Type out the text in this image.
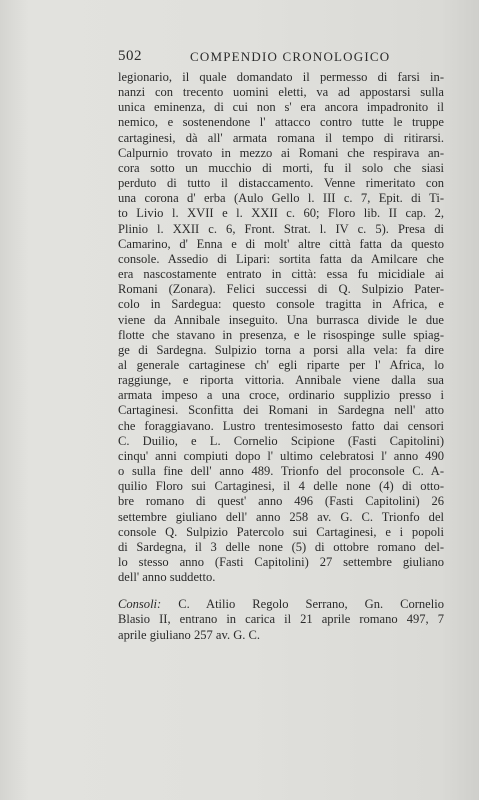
502	COMPENDIO CRONOLOGICO
legionario, il quale domandato il permesso di farsi in-
nanzi con trecento uomini eletti, va ad appostarsi sulla
unica eminenza, di cui non s' era ancora impadronito il
nemico, e sostenendone l' attacco contro tutte le truppe
cartaginesi, dà all' armata romana il tempo di ritirarsi.
Calpurnio trovato in mezzo ai Romani che respirava an-
cora sotto un mucchio di morti, fu il solo che siasi
perduto di tutto il distaccamento. Venne rimeritato con
una corona d' erba (Aulo Gello l. III c. 7, Epit. di Ti-
to Livio l. XVII e l. XXII c. 60; Floro lib. II cap. 2,
Plinio l. XXII c. 6, Front. Strat. l. IV c. 5). Presa di
Camarino, d' Enna e di molt' altre città fatta da questo
console. Assedio di Lipari: sortita fatta da Amilcare che
era nascostamente entrato in città: essa fu micidiale ai
Romani (Zonara). Felici successi di Q. Sulpizio Pater-
colo in Sardegua: questo console tragitta in Africa, e
viene da Annibale inseguito. Una burrasca divide le due
flotte che stavano in presenza, e le risospinge sulle spiag-
ge di Sardegna. Sulpizio torna a porsi alla vela: fa dire
al generale cartaginese ch' egli riparte per l' Africa, lo
raggiunge, e riporta vittoria. Annibale viene dalla sua
armata impeso a una croce, ordinario supplizio presso i
Cartaginesi. Sconfitta dei Romani in Sardegna nell' atto
che foraggiavano. Lustro trentesimosesto fatto dai censori
C. Duilio, e L. Cornelio Scipione (Fasti Capitolini)
cinqu' anni compiuti dopo l' ultimo celebratosi l' anno 490
o sulla fine dell' anno 489. Trionfo del proconsole C. A-
quilio Floro sui Cartaginesi, il 4 delle none (4) di otto-
bre romano di quest' anno 496 (Fasti Capitolini) 26
settembre giuliano dell' anno 258 av. G. C. Trionfo del
console Q. Sulpizio Patercolo sui Cartaginesi, e i popoli
di Sardegna, il 3 delle none (5) di ottobre romano del-
lo stesso anno (Fasti Capitolini) 27 settembre giuliano
dell' anno suddetto.
Consoli: C. Atilio Regolo Serrano, Gn. Cornelio
Blasio II, entrano in carica il 21 aprile romano 497, 7
aprile giuliano 257 av. G. C.
